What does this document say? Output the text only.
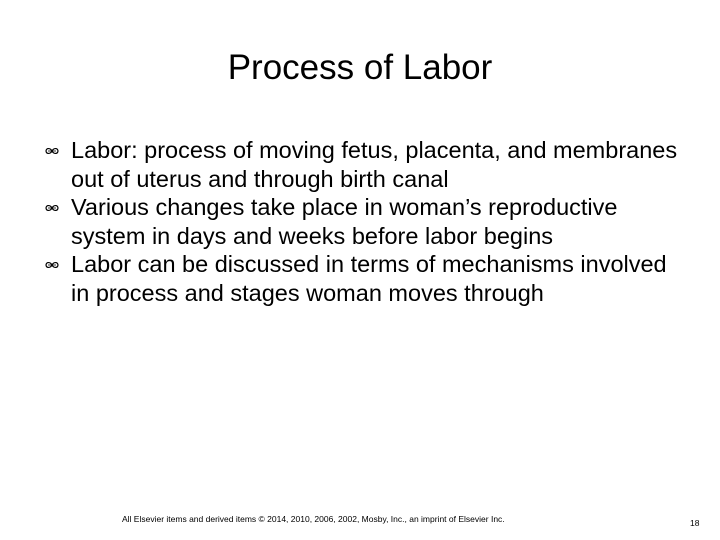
Process of Labor
Labor: process of moving fetus, placenta, and membranes out of uterus and through birth canal
Various changes take place in woman’s reproductive system in days and weeks before labor begins
Labor can be discussed in terms of mechanisms involved in process and stages woman moves through
All Elsevier items and derived items © 2014, 2010, 2006, 2002, Mosby, Inc., an imprint of Elsevier Inc.	18
